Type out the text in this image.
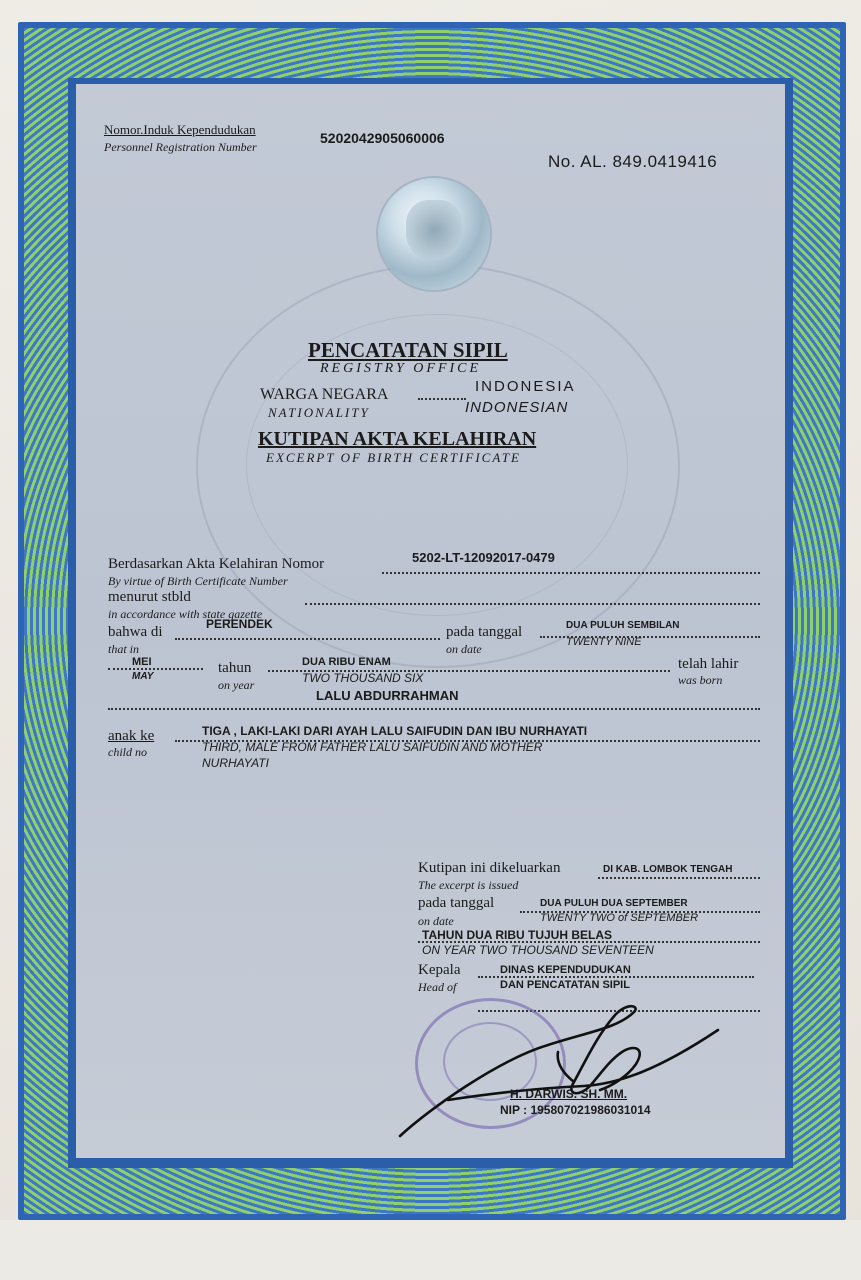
Nomor.Induk Kependudukan
Personnel Registration Number
5202042905060006
No. AL. 849.0419416
PENCATATAN SIPIL
REGISTRY OFFICE
WARGA NEGARA
NATIONALITY
INDONESIA
INDONESIAN
KUTIPAN AKTA KELAHIRAN
EXCERPT OF BIRTH CERTIFICATE
Berdasarkan Akta Kelahiran Nomor
By virtue of Birth Certificate Number
5202-LT-12092017-0479
menurut stbld
in accordance with state gazette
bahwa di
that in
PERENDEK	pada tanggal
on date
DUA PULUH SEMBILAN
TWENTY NINE
MEI
MAY
tahun
on year
DUA RIBU ENAM
TWO THOUSAND SIX
telah lahir
was born
LALU ABDURRAHMAN
anak ke
child no
TIGA , LAKI-LAKI DARI AYAH LALU SAIFUDIN DAN IBU NURHAYATI
THIRD, MALE FROM FATHER LALU SAIFUDIN AND MOTHER
NURHAYATI
Kutipan ini dikeluarkan
The excerpt is issued
DI KAB. LOMBOK TENGAH
pada tanggal
on date
DUA PULUH DUA SEPTEMBER
TWENTY TWO of SEPTEMBER
TAHUN DUA RIBU TUJUH BELAS
ON YEAR TWO THOUSAND SEVENTEEN
Kepala
Head of
DINAS KEPENDUDUKAN
DAN PENCATATAN SIPIL
H. DARWIS. SH. MM.
NIP : 195807021986031014
